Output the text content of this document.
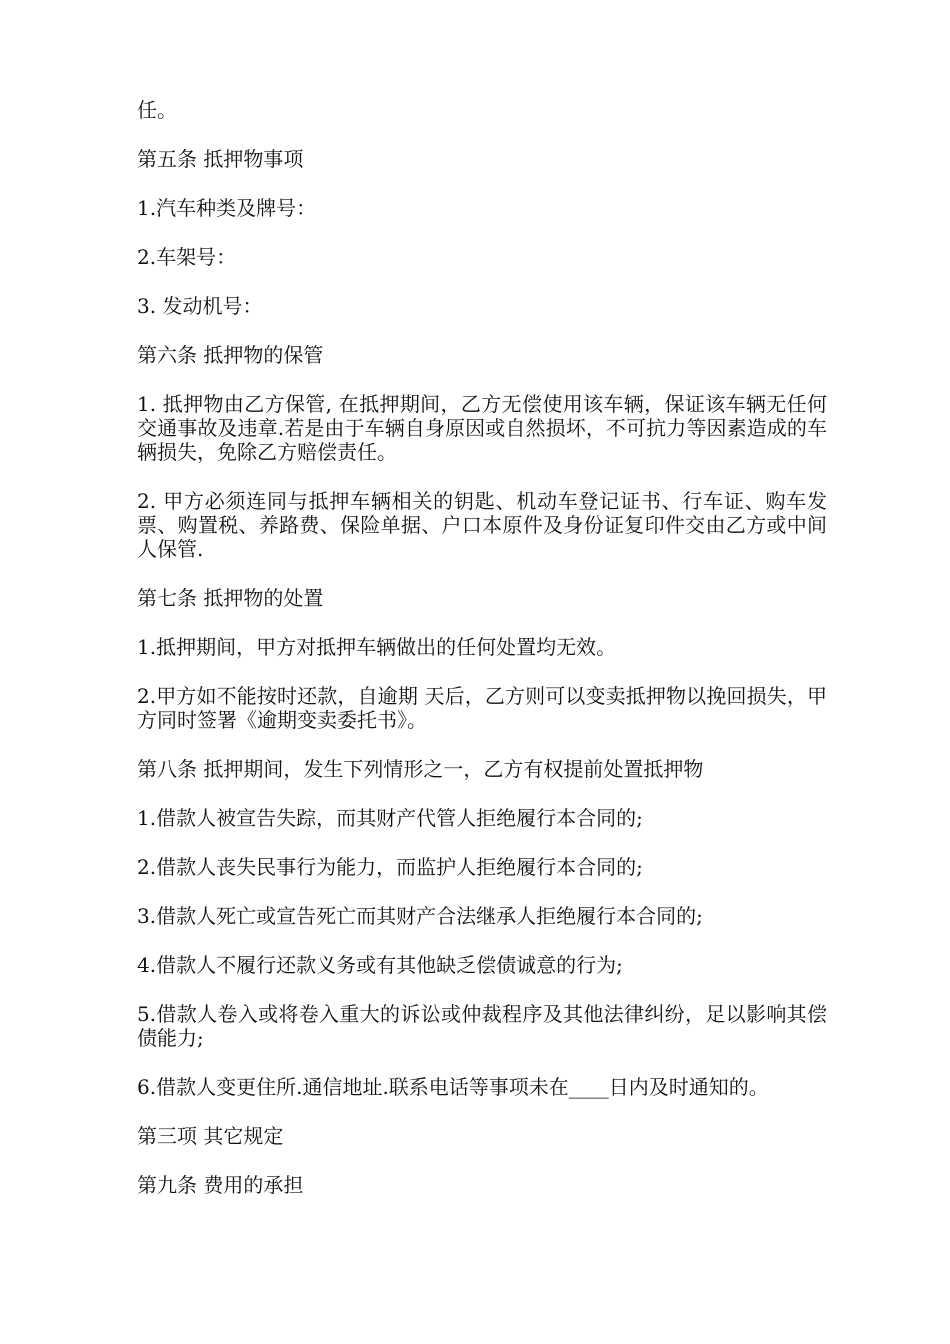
任。

第五条 抵押物事项

1.汽车种类及牌号：

2.车架号：

3. 发动机号：

第六条 抵押物的保管

1. 抵押物由乙方保管, 在抵押期间，乙方无偿使用该车辆，保证该车辆无任何交通事故及违章.若是由于车辆自身原因或自然损坏，不可抗力等因素造成的车辆损失，免除乙方赔偿责任。

2. 甲方必须连同与抵押车辆相关的钥匙、机动车登记证书、行车证、购车发票、购置税、养路费、保险单据、户口本原件及身份证复印件交由乙方或中间人保管.

第七条 抵押物的处置

1.抵押期间，甲方对抵押车辆做出的任何处置均无效。

2.甲方如不能按时还款，自逾期 天后，乙方则可以变卖抵押物以挽回损失，甲方同时签署《逾期变卖委托书》。

第八条 抵押期间，发生下列情形之一，乙方有权提前处置抵押物

1.借款人被宣告失踪，而其财产代管人拒绝履行本合同的;

2.借款人丧失民事行为能力，而监护人拒绝履行本合同的;

3.借款人死亡或宣告死亡而其财产合法继承人拒绝履行本合同的;

4.借款人不履行还款义务或有其他缺乏偿债诚意的行为;

5.借款人卷入或将卷入重大的诉讼或仲裁程序及其他法律纠纷，足以影响其偿债能力;

6.借款人变更住所.通信地址.联系电话等事项未在____日内及时通知的。

第三项 其它规定

第九条 费用的承担
